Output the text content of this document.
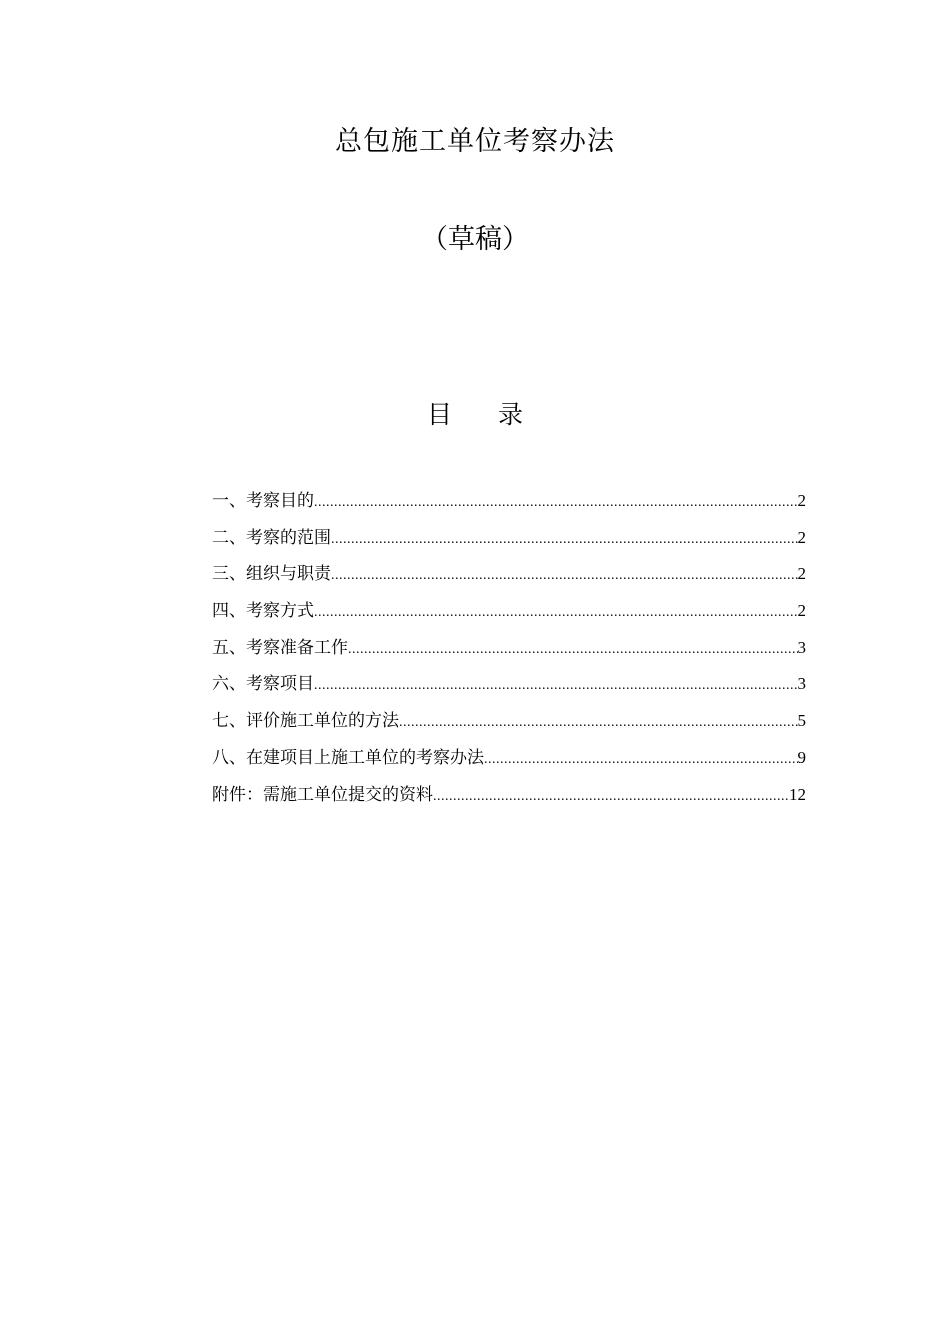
总包施工单位考察办法
（草稿）
目 录
一、考察目的 .....	2
二、考察的范围 .....	2
三、组织与职责 .....	2
四、考察方式 .....	2
五、考察准备工作 .....	3
六、考察项目 .....	3
七、评价施工单位的方法 .....	5
八、在建项目上施工单位的考察办法 .....	9
附件：需施工单位提交的资料 .....	12
